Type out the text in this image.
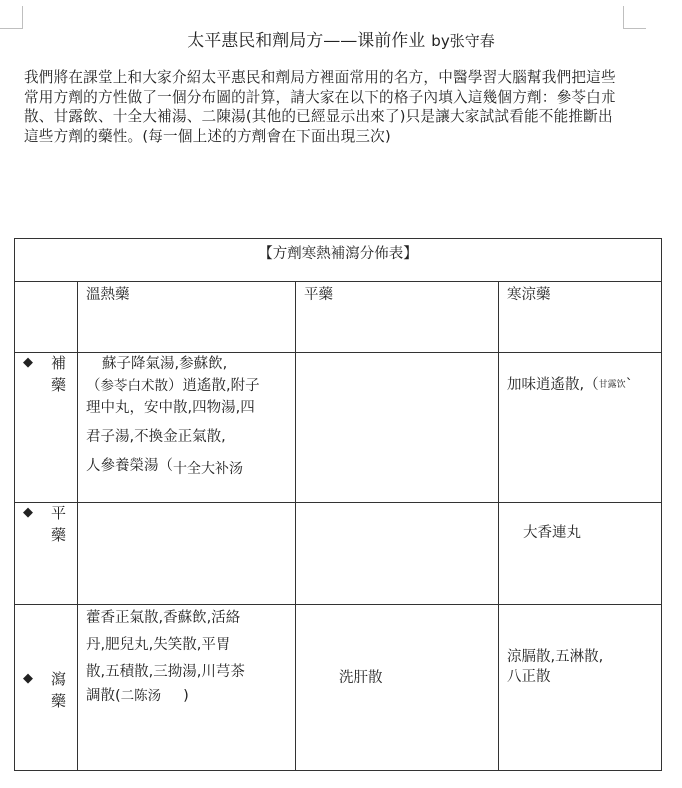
太平惠民和劑局方——课前作业 by张守春
我們將在課堂上和大家介紹太平惠民和劑局方裡面常用的名方，中醫學習大腦幫我們把這些常用方劑的方性做了一個分布圖的計算，請大家在以下的格子內填入這幾個方劑：參苓白朮散、甘露飲、十全大補湯、二陳湯(其他的已經显示出來了)只是讓大家試試看能不能推斷出這些方劑的藥性。(每一個上述的方劑會在下面出現三次)
【方劑寒熱補瀉分佈表】			

	溫熱藥	平藥	寒涼藥

◆ 補
藥	蘇子降氣湯,参蘇飲,
（参苓白术散）逍遙散,附子
理中丸，安中散,四物湯,四
君子湯,不換金正氣散,
人參養榮湯（十全大补汤		加味逍遙散,（甘露饮`

◆ 平
藥			大香連丸

◆ 瀉
藥	藿香正氣散,香蘇飲,活絡
丹,肥兒丸,失笑散,平胃
散,五積散,三拗湯,川芎茶
調散(二陈汤 )	洗肝散	涼膈散,五淋散,
八正散
